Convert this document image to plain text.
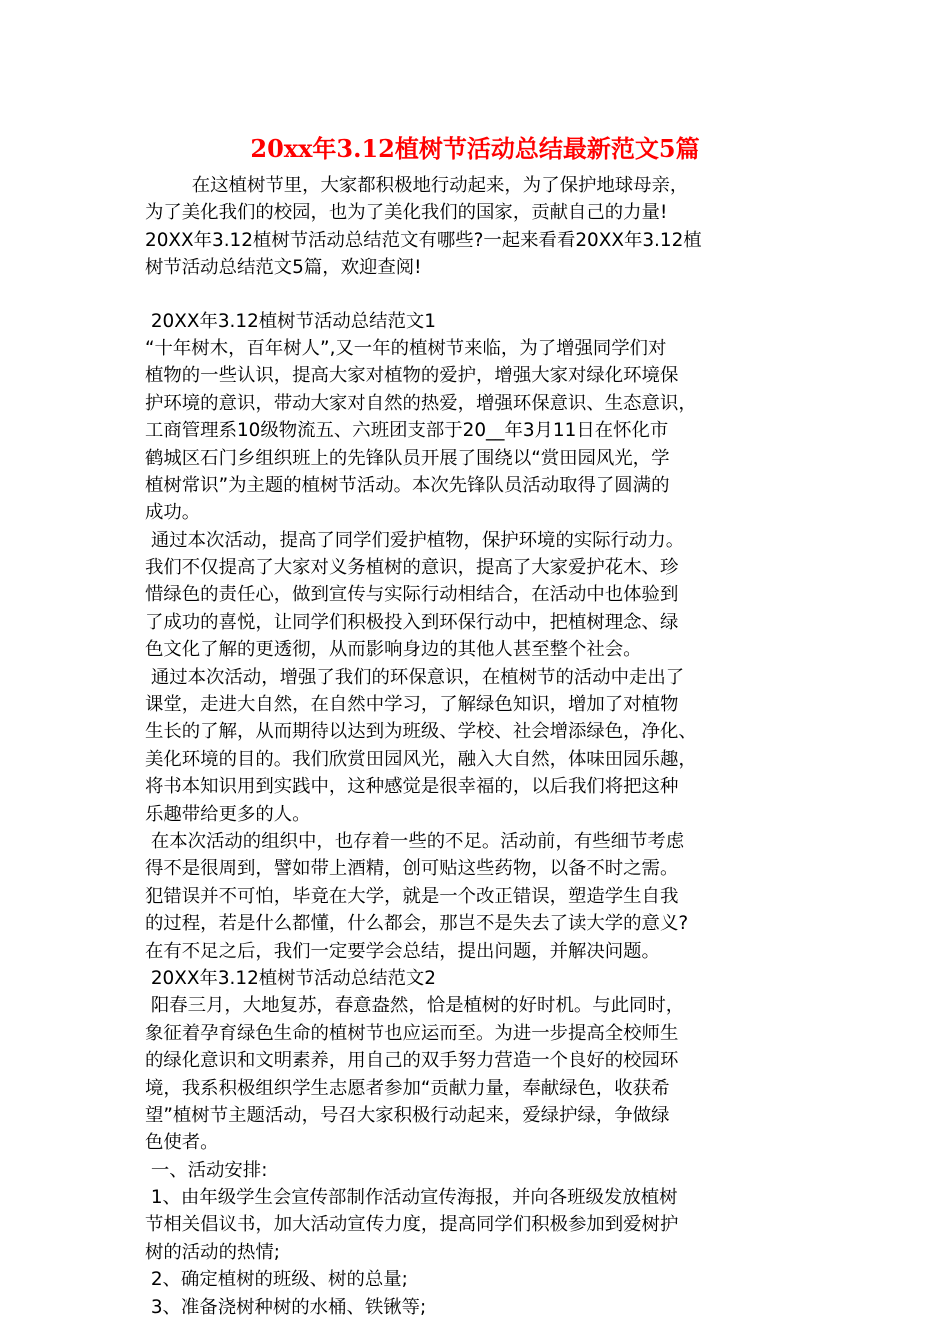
20xx年3.12植树节活动总结最新范文5篇
在这植树节里，大家都积极地行动起来，为了保护地球母亲，
为了美化我们的校园，也为了美化我们的国家，贡献自己的力量!
20XX年3.12植树节活动总结范文有哪些?一起来看看20XX年3.12植
树节活动总结范文5篇，欢迎查阅!
20XX年3.12植树节活动总结范文1
“十年树木，百年树人”,又一年的植树节来临，为了增强同学们对
植物的一些认识，提高大家对植物的爱护，增强大家对绿化环境保
护环境的意识，带动大家对自然的热爱，增强环保意识、生态意识，
工商管理系10级物流五、六班团支部于20__年3月11日在怀化市
鹤城区石门乡组织班上的先锋队员开展了围绕以“赏田园风光，学
植树常识”为主题的植树节活动。本次先锋队员活动取得了圆满的
成功。
通过本次活动，提高了同学们爱护植物，保护环境的实际行动力。
我们不仅提高了大家对义务植树的意识，提高了大家爱护花木、珍
惜绿色的责任心，做到宣传与实际行动相结合，在活动中也体验到
了成功的喜悦，让同学们积极投入到环保行动中，把植树理念、绿
色文化了解的更透彻，从而影响身边的其他人甚至整个社会。
通过本次活动，增强了我们的环保意识，在植树节的活动中走出了
课堂，走进大自然，在自然中学习，了解绿色知识，增加了对植物
生长的了解，从而期待以达到为班级、学校、社会增添绿色，净化、
美化环境的目的。我们欣赏田园风光，融入大自然，体味田园乐趣，
将书本知识用到实践中，这种感觉是很幸福的，以后我们将把这种
乐趣带给更多的人。
在本次活动的组织中，也存着一些的不足。活动前，有些细节考虑
得不是很周到，譬如带上酒精，创可贴这些药物，以备不时之需。
犯错误并不可怕，毕竟在大学，就是一个改正错误，塑造学生自我
的过程，若是什么都懂，什么都会，那岂不是失去了读大学的意义?
在有不足之后，我们一定要学会总结，提出问题，并解决问题。
20XX年3.12植树节活动总结范文2
阳春三月，大地复苏，春意盎然，恰是植树的好时机。与此同时，
象征着孕育绿色生命的植树节也应运而至。为进一步提高全校师生
的绿化意识和文明素养，用自己的双手努力营造一个良好的校园环
境，我系积极组织学生志愿者参加“贡献力量，奉献绿色，收获希
望”植树节主题活动，号召大家积极行动起来，爱绿护绿，争做绿
色使者。
一、活动安排:
1、由年级学生会宣传部制作活动宣传海报，并向各班级发放植树
节相关倡议书，加大活动宣传力度，提高同学们积极参加到爱树护
树的活动的热情;
2、确定植树的班级、树的总量;
3、准备浇树种树的水桶、铁锹等;
